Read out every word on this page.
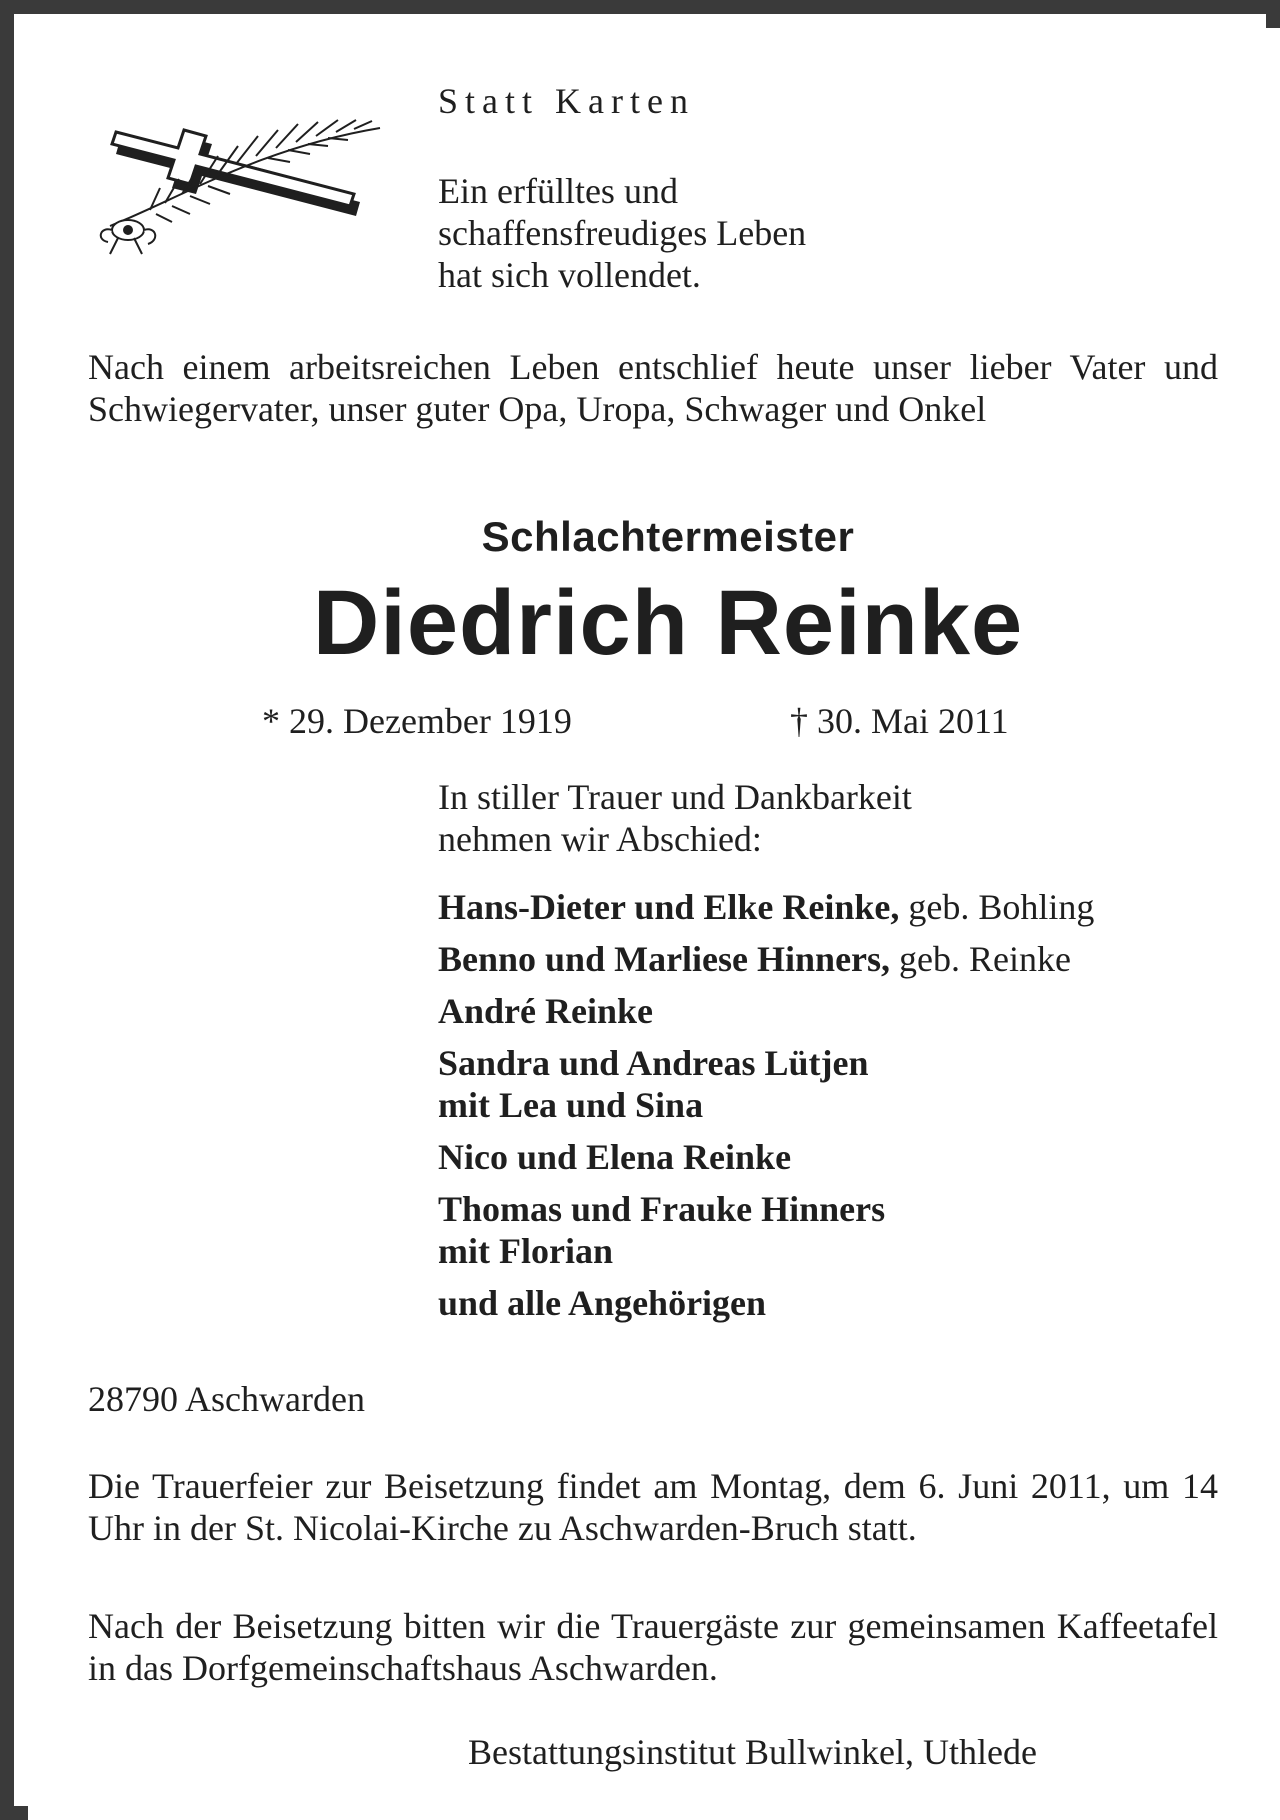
Statt Karten
Ein erfülltes und
schaffensfreudiges Leben
hat sich vollendet.
Nach einem arbeitsreichen Leben entschlief heute unser lieber Vater und Schwiegervater, unser guter Opa, Uropa, Schwager und Onkel
Schlachtermeister
Diedrich Reinke
* 29. Dezember 1919	† 30. Mai 2011
In stiller Trauer und Dankbarkeit
nehmen wir Abschied:
Hans-Dieter und Elke Reinke, geb. Bohling
Benno und Marliese Hinners, geb. Reinke
André Reinke
Sandra und Andreas Lütjen
mit Lea und Sina
Nico und Elena Reinke
Thomas und Frauke Hinners
mit Florian
und alle Angehörigen
28790 Aschwarden
Die Trauerfeier zur Beisetzung findet am Montag, dem 6. Juni 2011, um 14 Uhr in der St. Nicolai-Kirche zu Aschwarden-Bruch statt.
Nach der Beisetzung bitten wir die Trauergäste zur gemeinsamen Kaffeetafel in das Dorfgemeinschaftshaus Aschwarden.
Bestattungsinstitut Bullwinkel, Uthlede
